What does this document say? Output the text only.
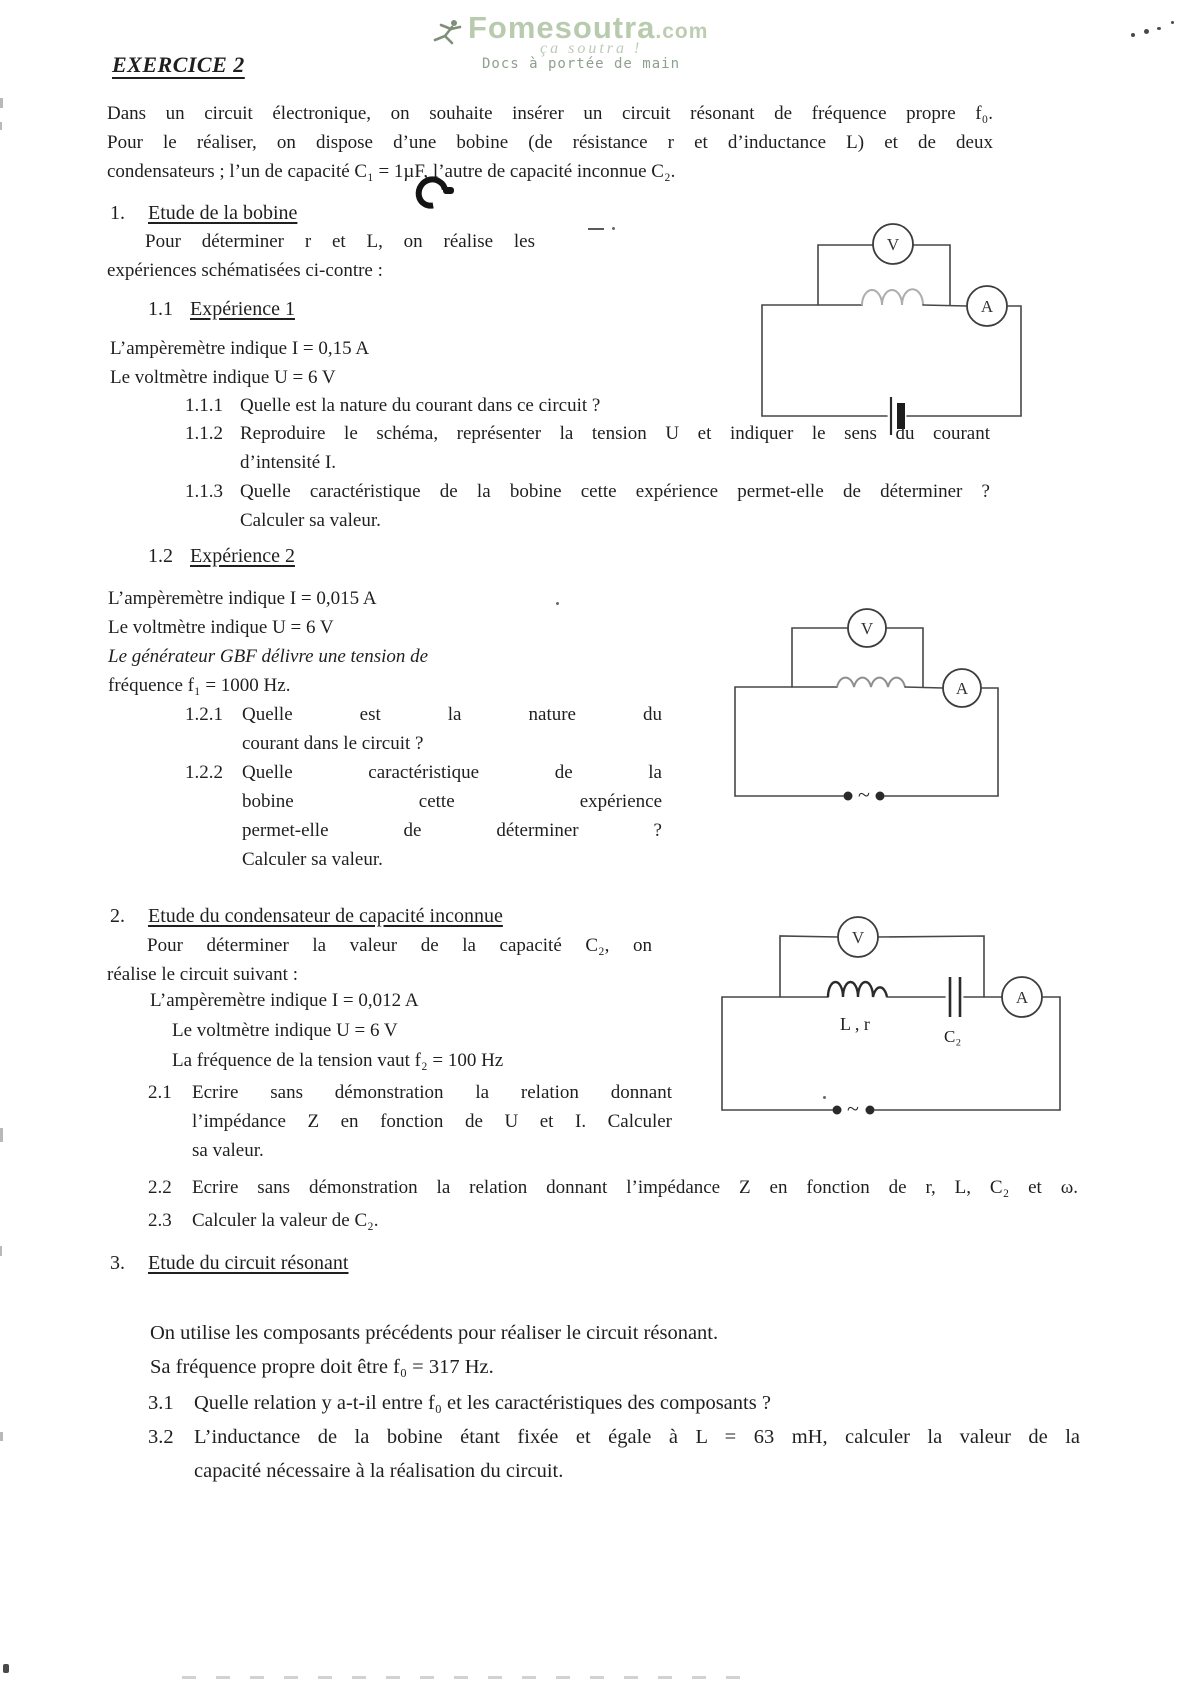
Fomesoutra.com
ça soutra !
Docs à portée de main
EXERCICE 2
Dans un circuit électronique, on souhaite insérer un circuit résonant de fréquence propre f₀.
Pour le réaliser, on dispose d’une bobine (de résistance r et d’inductance L) et de deux
condensateurs ; l’un de capacité C₁ = 1µF, l’autre de capacité inconnue C₂.
1. Etude de la bobine
Pour déterminer r et L, on réalise les
expériences schématisées ci-contre :
V
A
1.1 Expérience 1
L’ampèremètre indique I = 0,15 A
Le voltmètre indique U = 6 V
1.1.1 Quelle est la nature du courant dans ce circuit ?
1.1.2 Reproduire le schéma, représenter la tension U et indiquer le sens du courant
d’intensité I.
1.1.3 Quelle caractéristique de la bobine cette expérience permet-elle de déterminer ?
Calculer sa valeur.
1.2 Expérience 2
L’ampèremètre indique I = 0,015 A
Le voltmètre indique U = 6 V
Le générateur GBF délivre une tension de
fréquence f₁ = 1000 Hz.
V
A
~
1.2.1 Quelle est la nature du
courant dans le circuit ?
1.2.2 Quelle caractéristique de la
bobine cette expérience
permet-elle de déterminer ?
Calculer sa valeur.
2. Etude du condensateur de capacité inconnue
Pour déterminer la valeur de la capacité C₂, on
réalise le circuit suivant :
V
L , r
C₂
A
~
L’ampèremètre indique I = 0,012 A
Le voltmètre indique U = 6 V
La fréquence de la tension vaut f₂ = 100 Hz
2.1 Ecrire sans démonstration la relation donnant
l’impédance Z en fonction de U et I. Calculer
sa valeur.
2.2 Ecrire sans démonstration la relation donnant l’impédance Z en fonction de r, L, C₂ et ω.
2.3 Calculer la valeur de C₂.
3. Etude du circuit résonant
On utilise les composants précédents pour réaliser le circuit résonant.
Sa fréquence propre doit être f₀ = 317 Hz.
3.1 Quelle relation y a-t-il entre f₀ et les caractéristiques des composants ?
3.2 L’inductance de la bobine étant fixée et égale à L = 63 mH, calculer la valeur de la
capacité nécessaire à la réalisation du circuit.
